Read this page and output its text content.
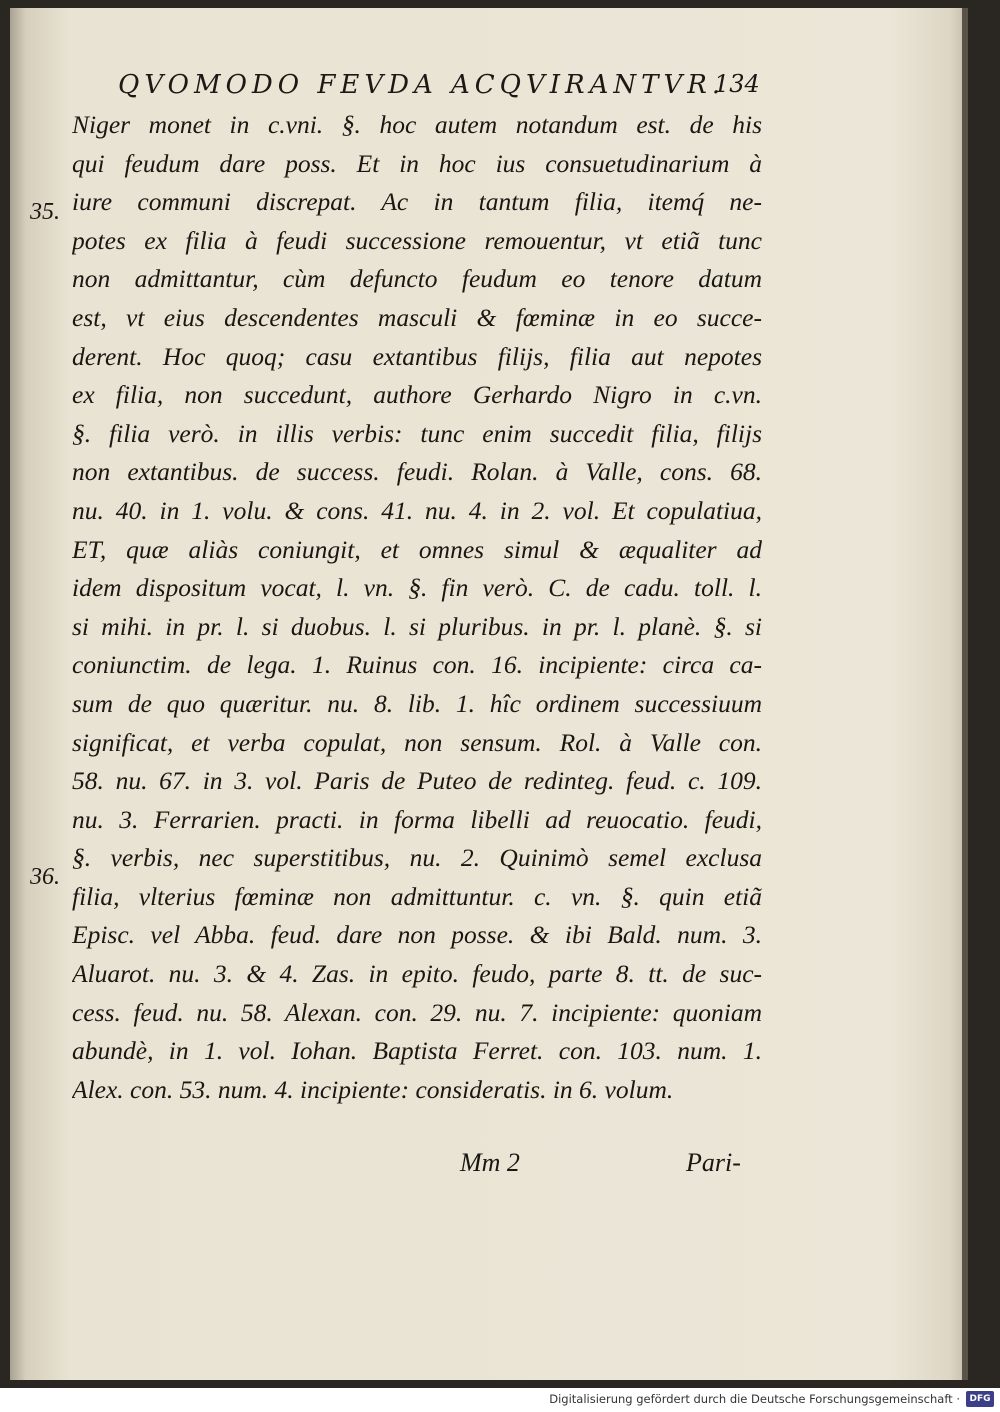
QVOMODO FEVDA ACQVIRANTVR.
134
35.
36.
Niger monet in c.vni. §. hoc autem notandum est. de his
qui feudum dare poss. Et in hoc ius consuetudinarium à
iure communi discrepat. Ac in tantum filia, itemq́ ne-
potes ex filia à feudi successione remouentur, vt etiã tunc
non admittantur, cùm defuncto feudum eo tenore datum
est, vt eius descendentes masculi & fœminæ in eo succe-
derent. Hoc quoq; casu extantibus filijs, filia aut nepotes
ex filia, non succedunt, authore Gerhardo Nigro in c.vn.
§. filia verò. in illis verbis: tunc enim succedit filia, filijs
non extantibus. de success. feudi. Rolan. à Valle, cons. 68.
nu. 40. in 1. volu. & cons. 41. nu. 4. in 2. vol. Et copulatiua,
ET, quæ aliàs coniungit, et omnes simul & æqualiter ad
idem dispositum vocat, l. vn. §. fin verò. C. de cadu. toll. l.
si mihi. in pr. l. si duobus. l. si pluribus. in pr. l. planè. §. si
coniunctim. de lega. 1. Ruinus con. 16. incipiente: circa ca-
sum de quo quæritur. nu. 8. lib. 1. hîc ordinem successiuum
significat, et verba copulat, non sensum. Rol. à Valle con.
58. nu. 67. in 3. vol. Paris de Puteo de redinteg. feud. c. 109.
nu. 3. Ferrarien. practi. in forma libelli ad reuocatio. feudi,
§. verbis, nec superstitibus, nu. 2. Quinimò semel exclusa
filia, vlterius fœminæ non admittuntur. c. vn. §. quin etiã
Episc. vel Abba. feud. dare non posse. & ibi Bald. num. 3.
Aluarot. nu. 3. & 4. Zas. in epito. feudo, parte 8. tt. de suc-
cess. feud. nu. 58. Alexan. con. 29. nu. 7. incipiente: quoniam
abundè, in 1. vol. Iohan. Baptista Ferret. con. 103. num. 1.
Alex. con. 53. num. 4. incipiente: consideratis. in 6. volum.
Mm 2	Pari-
Digitalisierung gefördert durch die Deutsche Forschungsgemeinschaft ·	DFG
